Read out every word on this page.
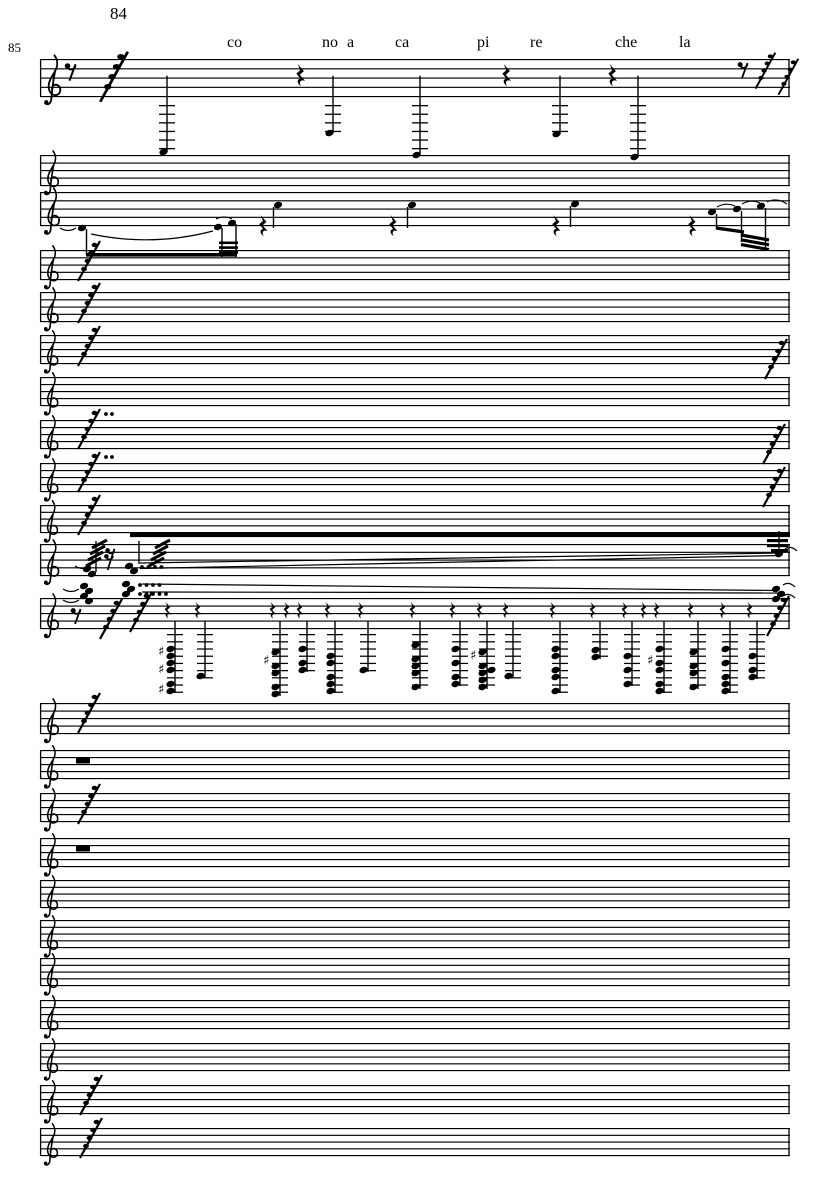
84
85	co	no a	ca	pi	re	che	la
♯
♯
♯
♯	♯	♯
